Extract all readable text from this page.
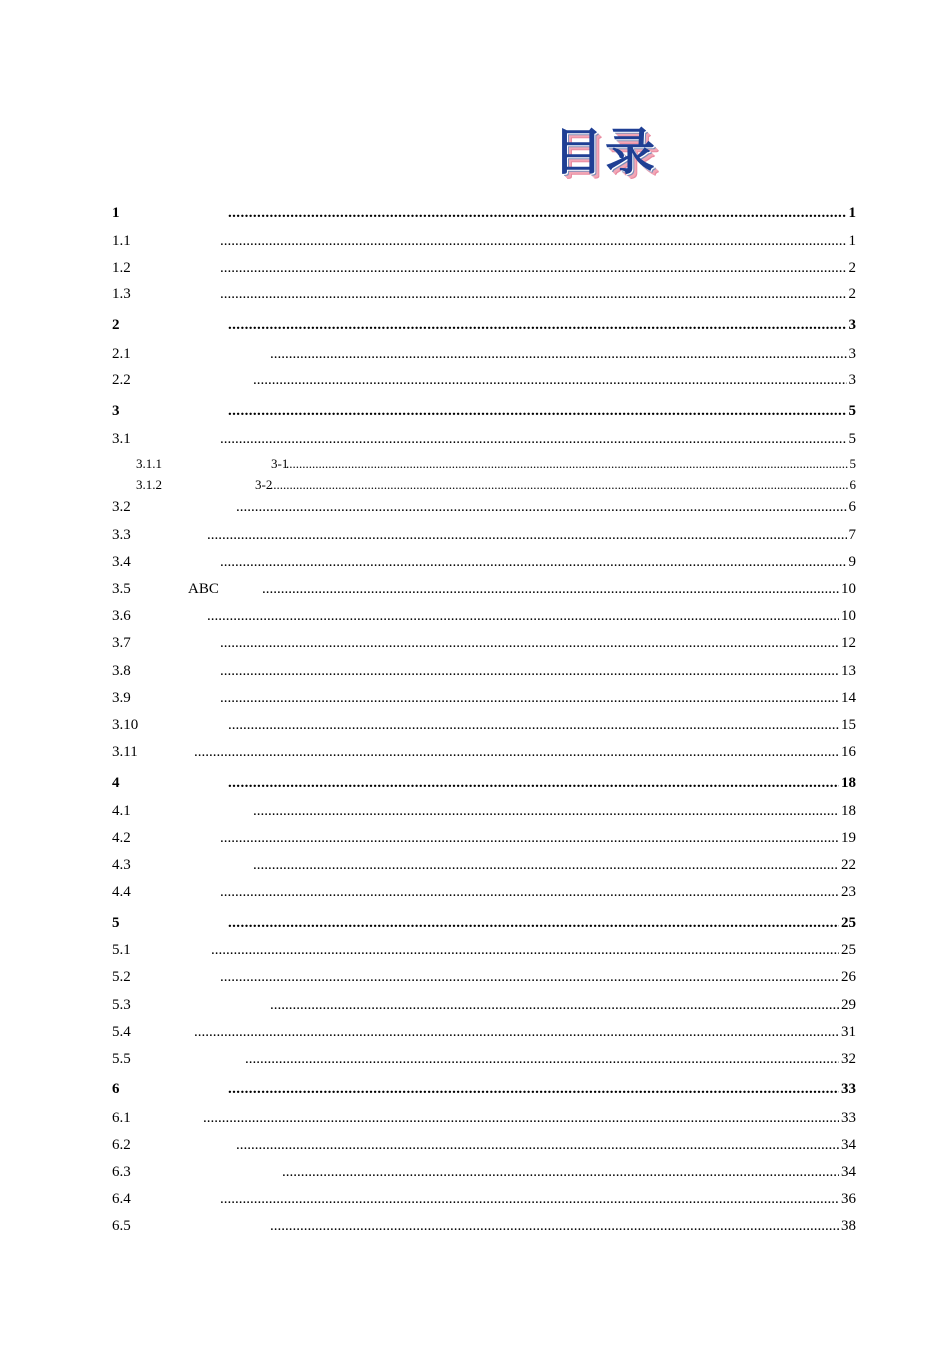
目录
1	1
.....
1.1	1
.....
1.2	2
.....
1.3	2
.....
2	3
.....
2.1	3
.....
2.2	3
.....
3	5
.....
3.1	5
.....
3.1.1	3-1	5
.....
3.1.2	3-2	6
.....
3.2	6
.....
3.3	7
.....
3.4	9
.....
3.5	ABC	10
.....
3.6	10
.....
3.7	12
.....
3.8	13
.....
3.9	14
.....
3.10	15
.....
3.11	16
.....
4	18
.....
4.1	18
.....
4.2	19
.....
4.3	22
.....
4.4	23
.....
5	25
.....
5.1	25
.....
5.2	26
.....
5.3	29
.....
5.4	31
.....
5.5	32
.....
6	33
.....
6.1	33
.....
6.2	34
.....
6.3	34
.....
6.4	36
.....
6.5	38
.....
